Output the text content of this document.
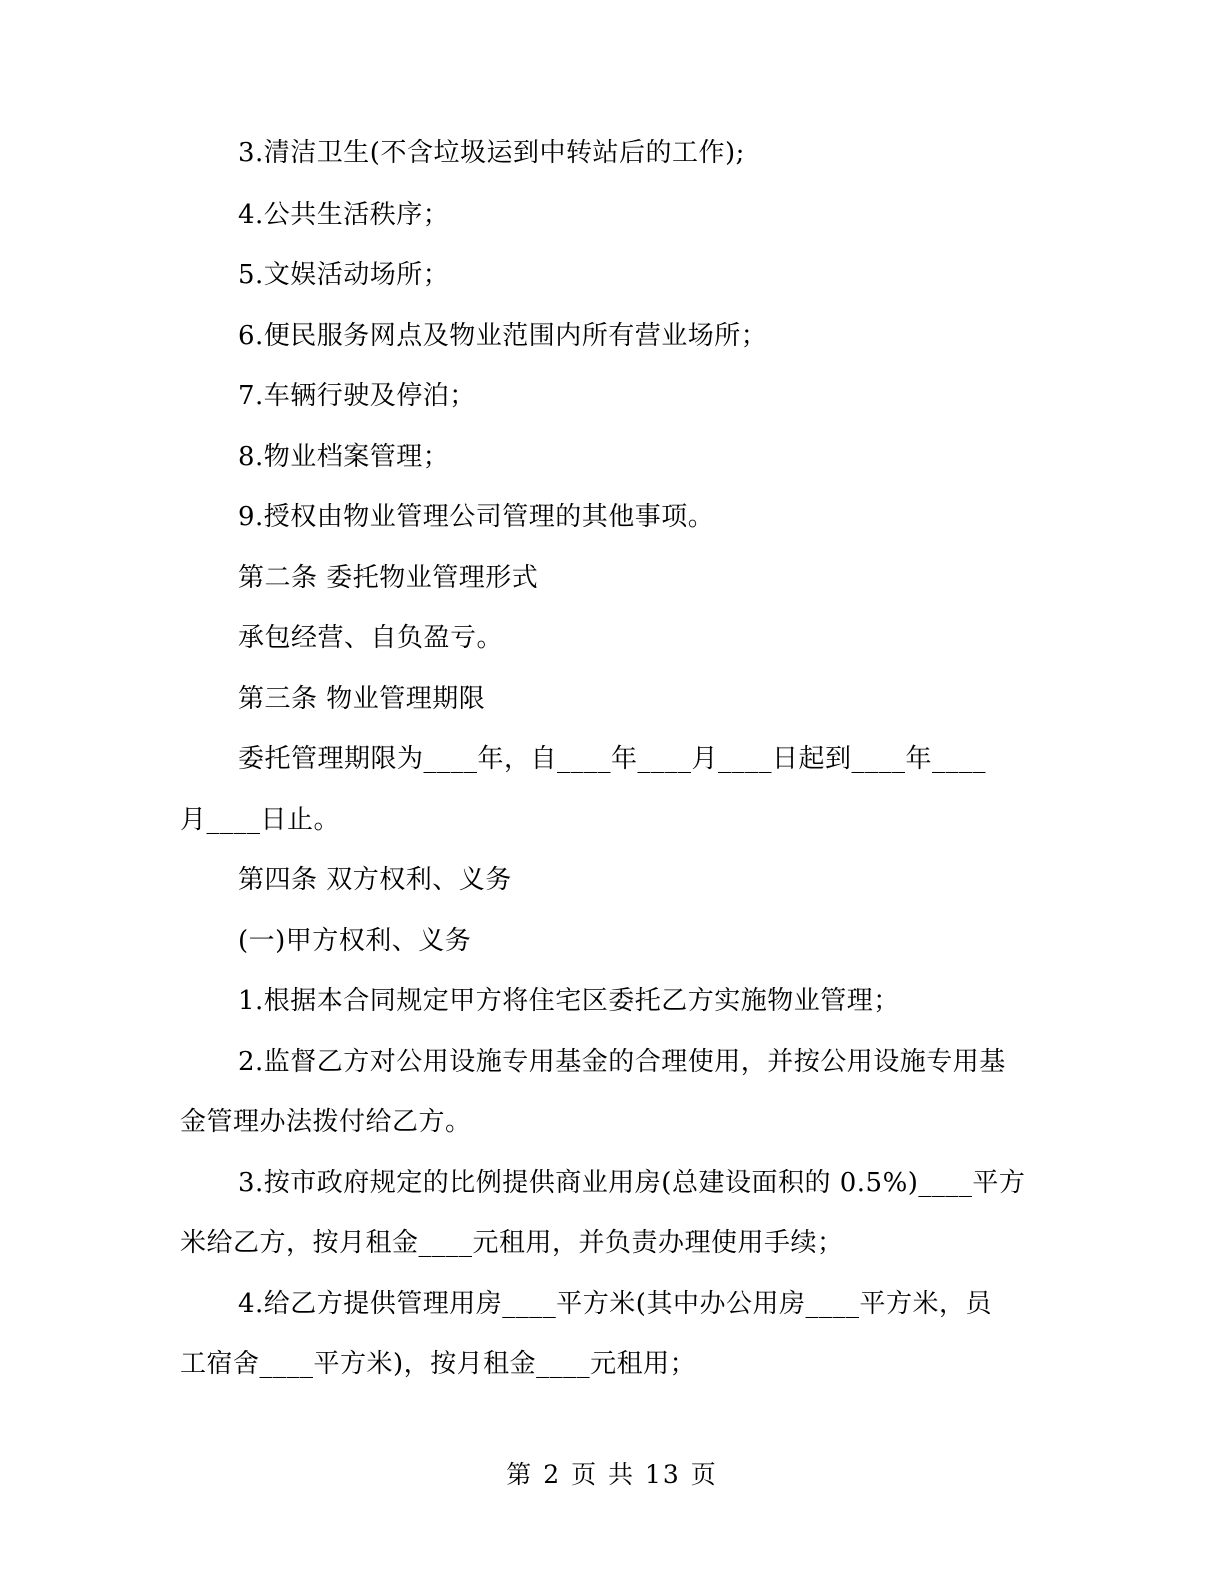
3.清洁卫生(不含垃圾运到中转站后的工作);
4.公共生活秩序；
5.文娱活动场所；
6.便民服务网点及物业范围内所有营业场所；
7.车辆行驶及停泊；
8.物业档案管理；
9.授权由物业管理公司管理的其他事项。
第二条 委托物业管理形式
承包经营、自负盈亏。
第三条 物业管理期限
委托管理期限为____年，自____年____月____日起到____年____
月____日止。
第四条 双方权利、义务
(一)甲方权利、义务
1.根据本合同规定甲方将住宅区委托乙方实施物业管理；
2.监督乙方对公用设施专用基金的合理使用，并按公用设施专用基
金管理办法拨付给乙方。
3.按市政府规定的比例提供商业用房(总建设面积的 0.5%)____平方
米给乙方，按月租金____元租用，并负责办理使用手续；
4.给乙方提供管理用房____平方米(其中办公用房____平方米，员
工宿舍____平方米)，按月租金____元租用；
第 2 页 共 13 页
